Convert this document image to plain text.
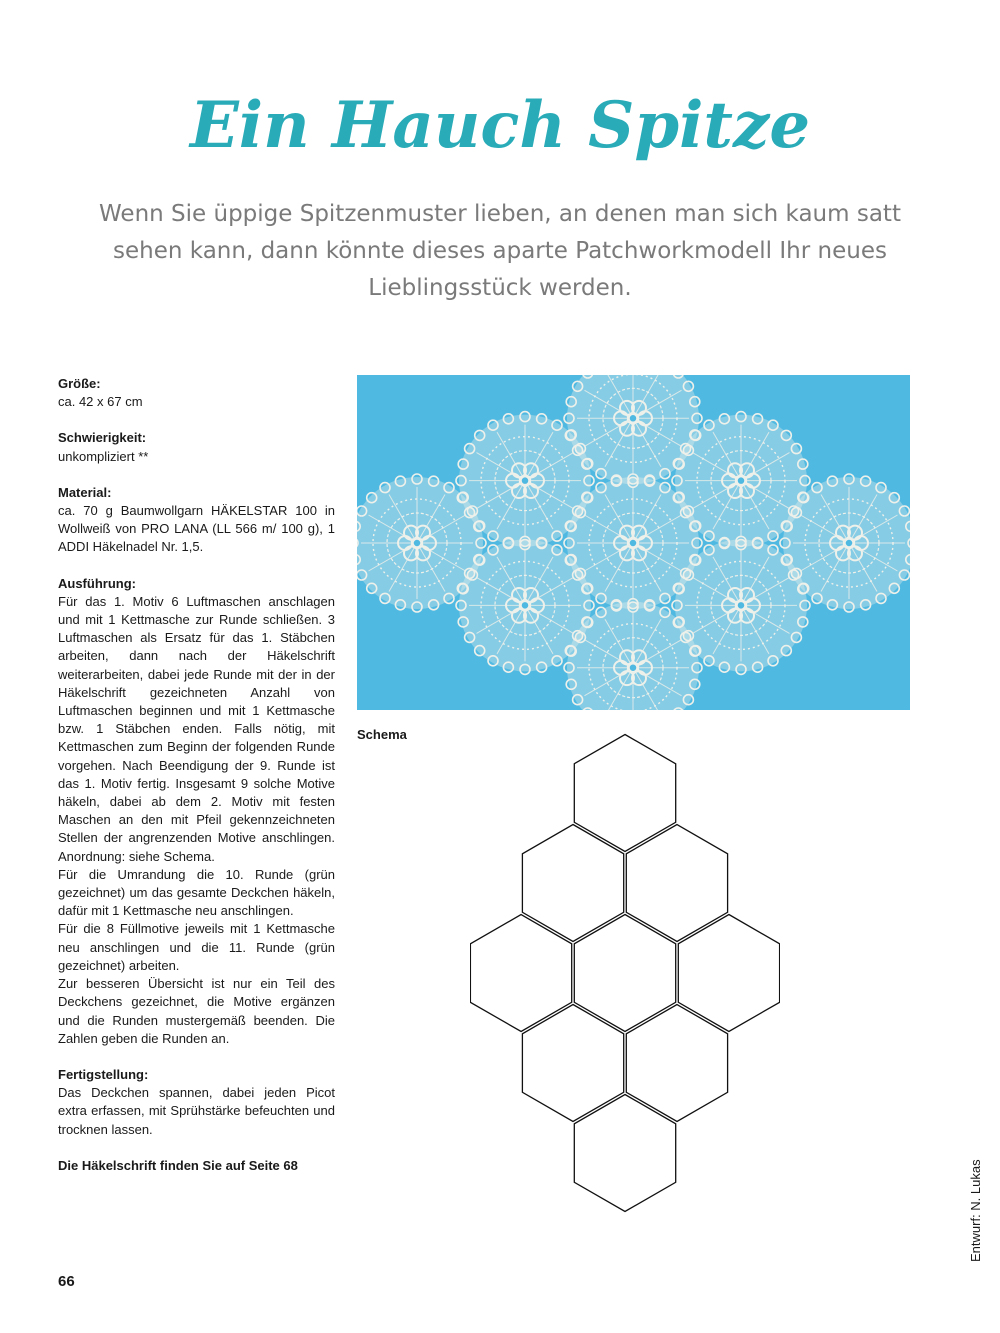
Ein Hauch Spitze

Wenn Sie üppige Spitzenmuster lieben, an denen man sich kaum satt sehen kann, dann könnte dieses aparte Patchworkmodell Ihr neues Lieblingsstück werden.

Größe:
ca. 42 x 67 cm
Schwierigkeit:
unkompliziert **
Material:
ca. 70 g Baumwollgarn HÄKELSTAR 100 in Wollweiß von PRO LANA (LL 566 m/ 100 g), 1 ADDI Häkelnadel Nr. 1,5.
Ausführung:
Für das 1. Motiv 6 Luftmaschen anschlagen und mit 1 Kettmasche zur Runde schließen. 3 Luftmaschen als Ersatz für das 1. Stäbchen arbeiten, dann nach der Häkelschrift weiterarbeiten, dabei jede Runde mit der in der Häkelschrift gezeichneten Anzahl von Luftmaschen beginnen und mit 1 Kettmasche bzw. 1 Stäbchen enden. Falls nötig, mit Kettmaschen zum Beginn der folgenden Runde vorgehen. Nach Beendigung der 9. Runde ist das 1. Motiv fertig. Insgesamt 9 solche Motive häkeln, dabei ab dem 2. Motiv mit festen Maschen an den mit Pfeil gekennzeichneten Stellen der angrenzenden Motive anschlingen. Anordnung: siehe Schema.
Für die Umrandung die 10. Runde (grün gezeichnet) um das gesamte Deckchen häkeln, dafür mit 1 Kettmasche neu anschlingen.
Für die 8 Füllmotive jeweils mit 1 Kettmasche neu anschlingen und die 11. Runde (grün gezeichnet) arbeiten.
Zur besseren Übersicht ist nur ein Teil des Deckchens gezeichnet, die Motive ergänzen und die Runden mustergemäß beenden. Die Zahlen geben die Runden an.
Fertigstellung:
Das Deckchen spannen, dabei jeden Picot extra erfassen, mit Sprühstärke befeuchten und trocknen lassen.
Die Häkelschrift finden Sie auf Seite 68
Schema
Entwurf: N. Lukas
66
